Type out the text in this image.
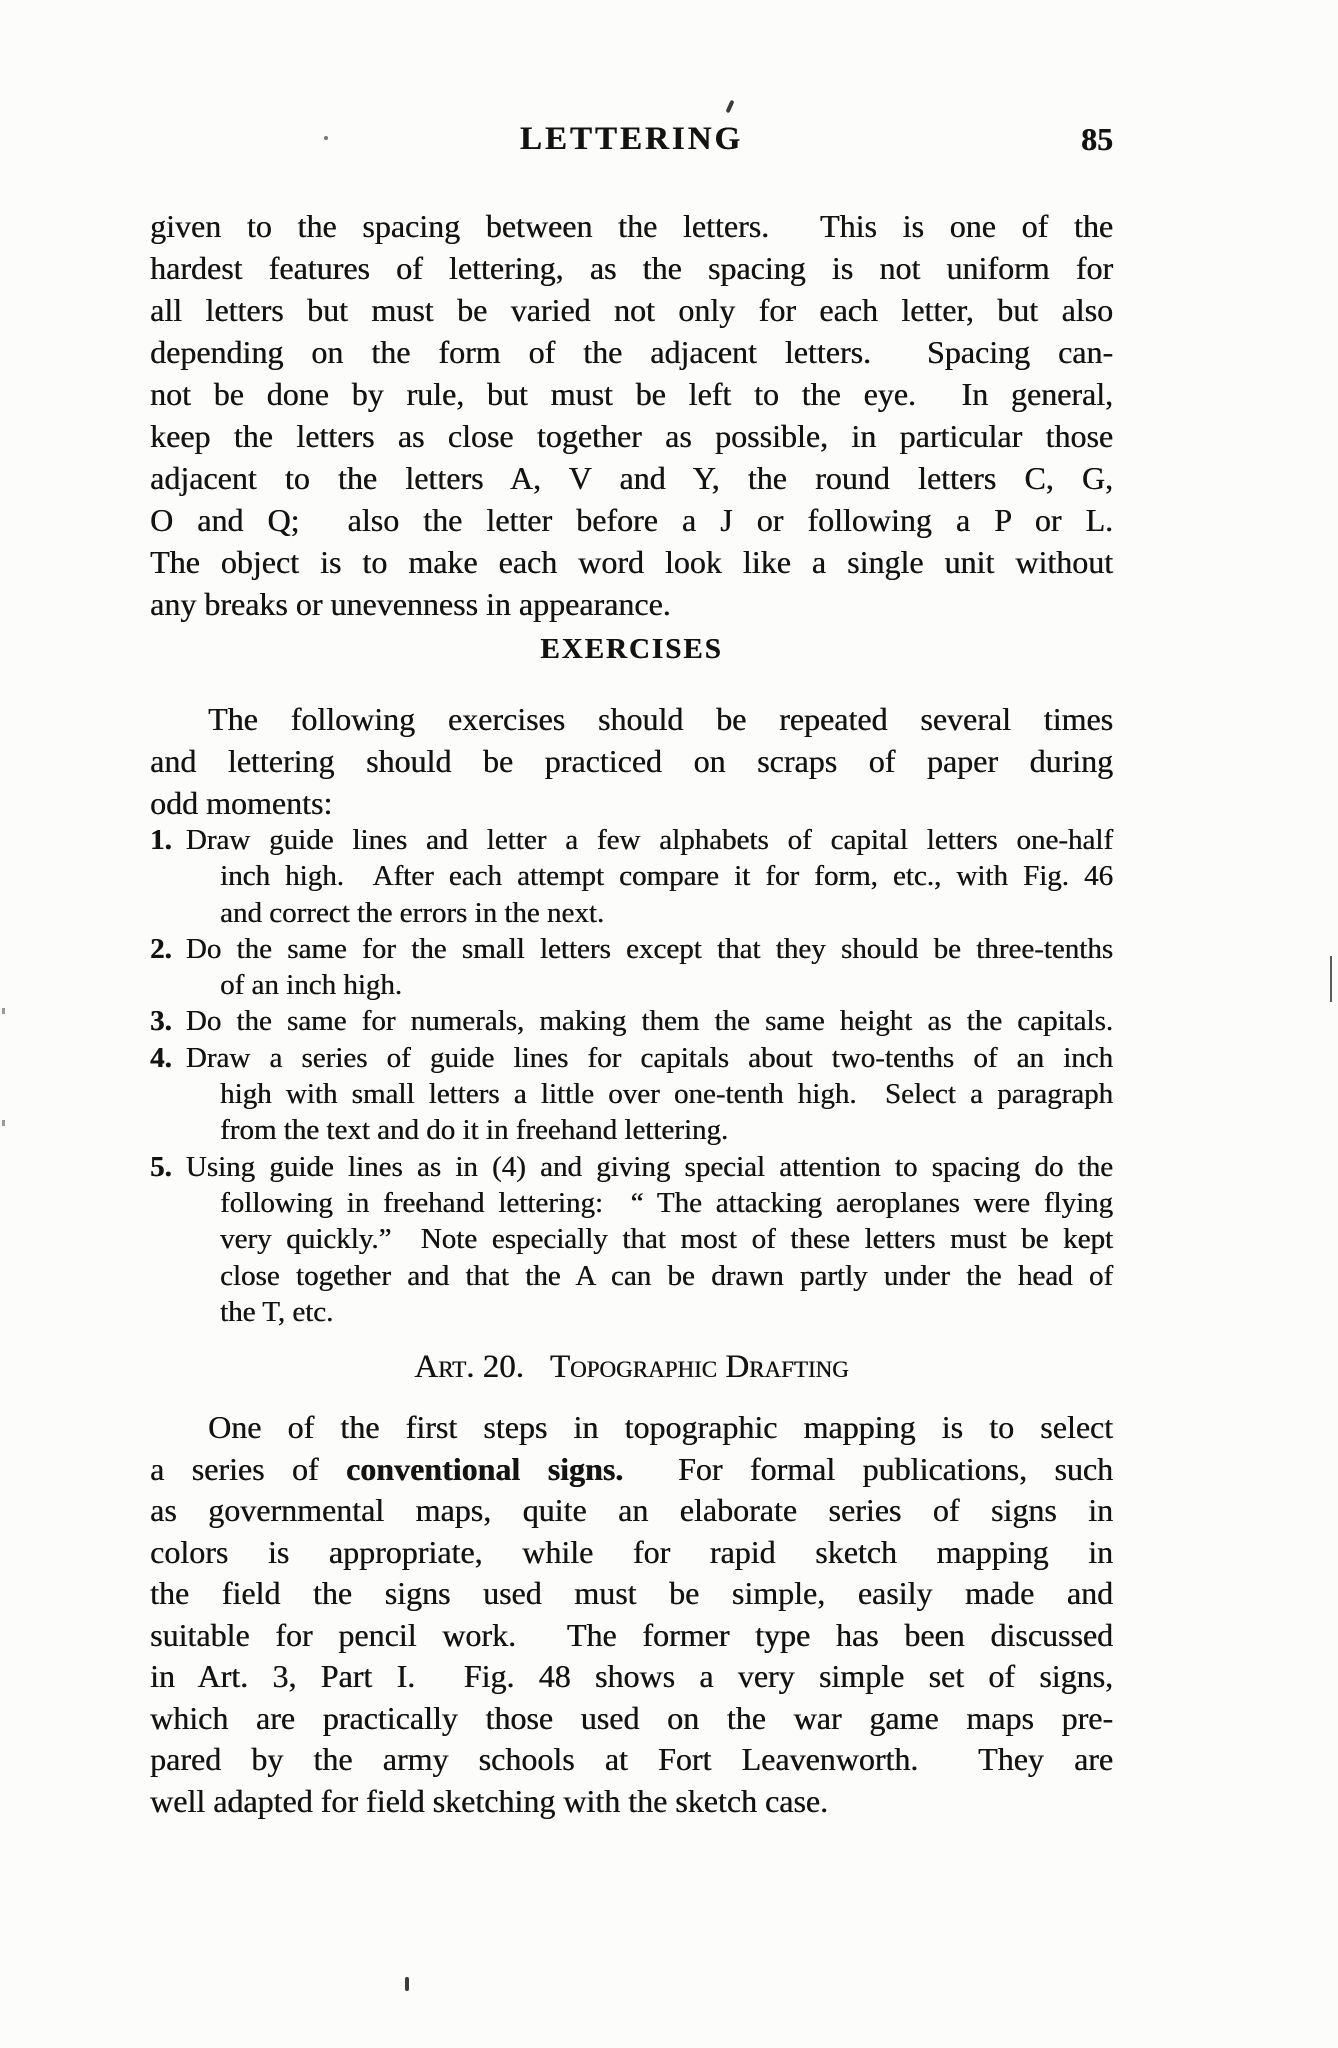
LETTERING	85
given to the spacing between the letters.  This is one of the
hardest features of lettering, as the spacing is not uniform for
all letters but must be varied not only for each letter, but also
depending on the form of the adjacent letters.  Spacing can-
not be done by rule, but must be left to the eye.  In general,
keep the letters as close together as possible, in particular those
adjacent to the letters A, V and Y, the round letters C, G,
O and Q;  also the letter before a J or following a P or L.
The object is to make each word look like a single unit without
any breaks or unevenness in appearance.
EXERCISES
The following exercises should be repeated several times
and lettering should be practiced on scraps of paper during
odd moments:
1. Draw guide lines and letter a few alphabets of capital letters one-half
inch high.  After each attempt compare it for form, etc., with Fig. 46
and correct the errors in the next.
2. Do the same for the small letters except that they should be three-tenths
of an inch high.
3. Do the same for numerals, making them the same height as the capitals.
4. Draw a series of guide lines for capitals about two-tenths of an inch
high with small letters a little over one-tenth high.  Select a paragraph
from the text and do it in freehand lettering.
5. Using guide lines as in (4) and giving special attention to spacing do the
following in freehand lettering:  “ The attacking aeroplanes were flying
very quickly.”  Note especially that most of these letters must be kept
close together and that the A can be drawn partly under the head of
the T, etc.
Art. 20. Topographic Drafting
One of the first steps in topographic mapping is to select
a series of conventional signs.  For formal publications, such
as governmental maps, quite an elaborate series of signs in
colors is appropriate, while for rapid sketch mapping in
the field the signs used must be simple, easily made and
suitable for pencil work.  The former type has been discussed
in Art. 3, Part I.  Fig. 48 shows a very simple set of signs,
which are practically those used on the war game maps pre-
pared by the army schools at Fort Leavenworth.  They are
well adapted for field sketching with the sketch case.
